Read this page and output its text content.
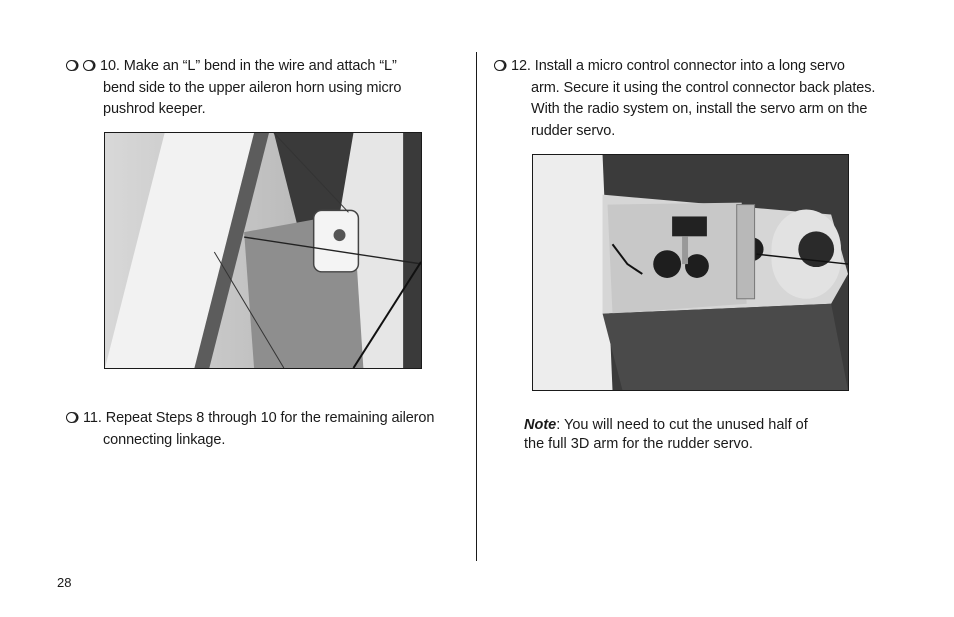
10. Make an “L” bend in the wire and attach “L”
bend side to the upper aileron horn using micro
pushrod keeper.
11. Repeat Steps 8 through 10 for the remaining aileron
connecting linkage.
12. Install a micro control connector into a long servo
arm. Secure it using the control connector back plates.
With the radio system on, install the servo arm on the
rudder servo.
Note: You will need to cut the unused half of
the full 3D arm for the rudder servo.
28
